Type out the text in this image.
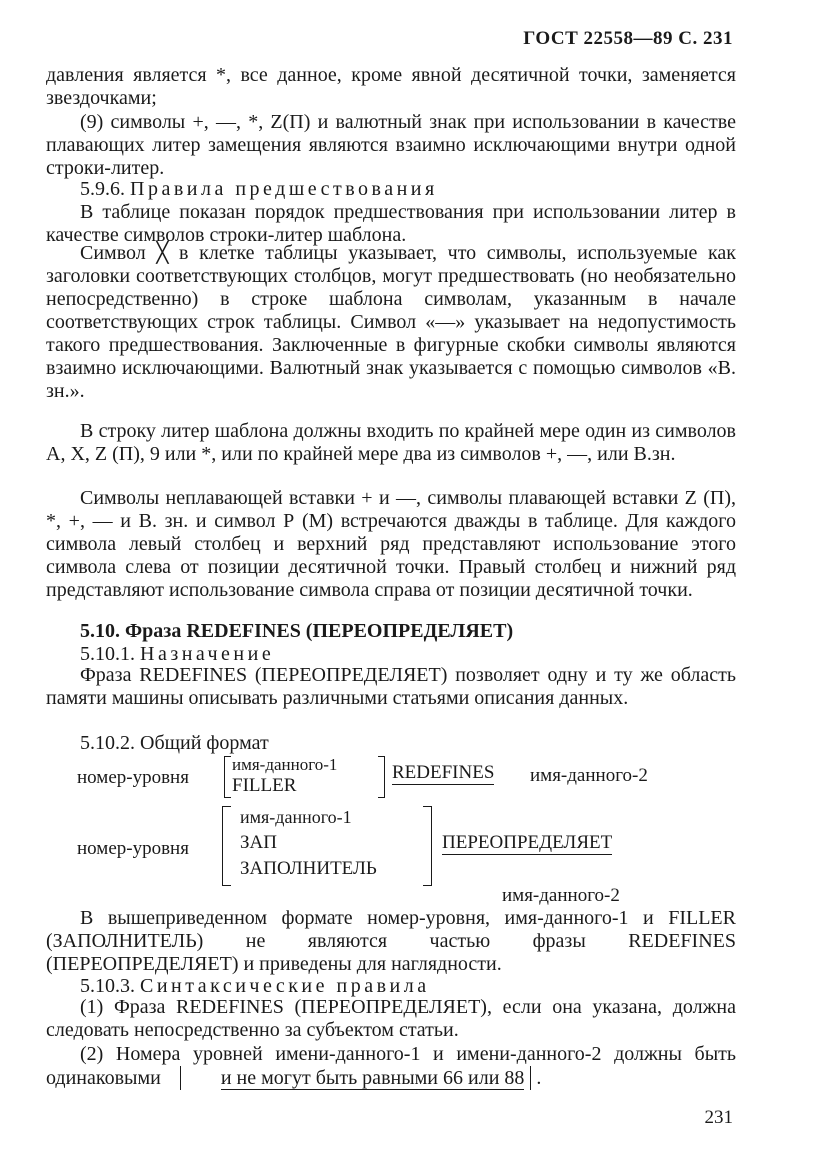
ГОСТ 22558—89 С. 231

давления является *, все данное, кроме явной десятичной точки, заменяется звездочками;

(9) символы +, —, *, Z(П) и валютный знак при использовании в качестве плавающих литер замещения являются взаимно исключающими внутри одной строки-литер.

5.9.6. Правила предшествования

В таблице показан порядок предшествования при использовании литер в качестве символов строки-литер шаблона.

Символ ╳ в клетке таблицы указывает, что символы, используемые как заголовки соответствующих столбцов, могут предшествовать (но необязательно непосредственно) в строке шаблона символам, указанным в начале соответствующих строк таблицы. Символ «—» указывает на недопустимость такого предшествования. Заключенные в фигурные скобки символы являются взаимно исключающими. Валютный знак указывается с помощью символов «В. зн.».

В строку литер шаблона должны входить по крайней мере один из символов А, Х, Z (П), 9 или *, или по крайней мере два из символов +, —, или В.зн.

Символы неплавающей вставки + и —, символы плавающей вставки Z (П), *, +, — и В. зн. и символ Р (М) встречаются дважды в таблице. Для каждого символа левый столбец и верхний ряд представляют использование этого символа слева от позиции десятичной точки. Правый столбец и нижний ряд представляют использование символа справа от позиции десятичной точки.

5.10. Фраза REDEFINES (ПЕРЕОПРЕДЕЛЯЕТ)
5.10.1. Назначение

Фраза REDEFINES (ПЕРЕОПРЕДЕЛЯЕТ) позволяет одну и ту же область памяти машины описывать различными статьями описания данных.

5.10.2. Общий формат
номер-уровня
имя-данного-1
FILLER
REDEFINES имя-данного-2
номер-уровня
имя-данного-1
ЗАП
ЗАПОЛНИТЕЛЬ
ПЕРЕОПРЕДЕЛЯЕТ
имя-данного-2

В вышеприведенном формате номер-уровня, имя-данного-1 и FILLER (ЗАПОЛНИТЕЛЬ) не являются частью фразы REDEFINES (ПЕРЕОПРЕДЕЛЯЕТ) и приведены для наглядности.

5.10.3. Синтаксические правила

(1) Фраза REDEFINES (ПЕРЕОПРЕДЕЛЯЕТ), если она указана, должна следовать непосредственно за субъектом статьи.

(2) Номера уровней имени-данного-1 и имени-данного-2 должны быть одинаковыми	и не могут быть равными 66 или 88 .

231
